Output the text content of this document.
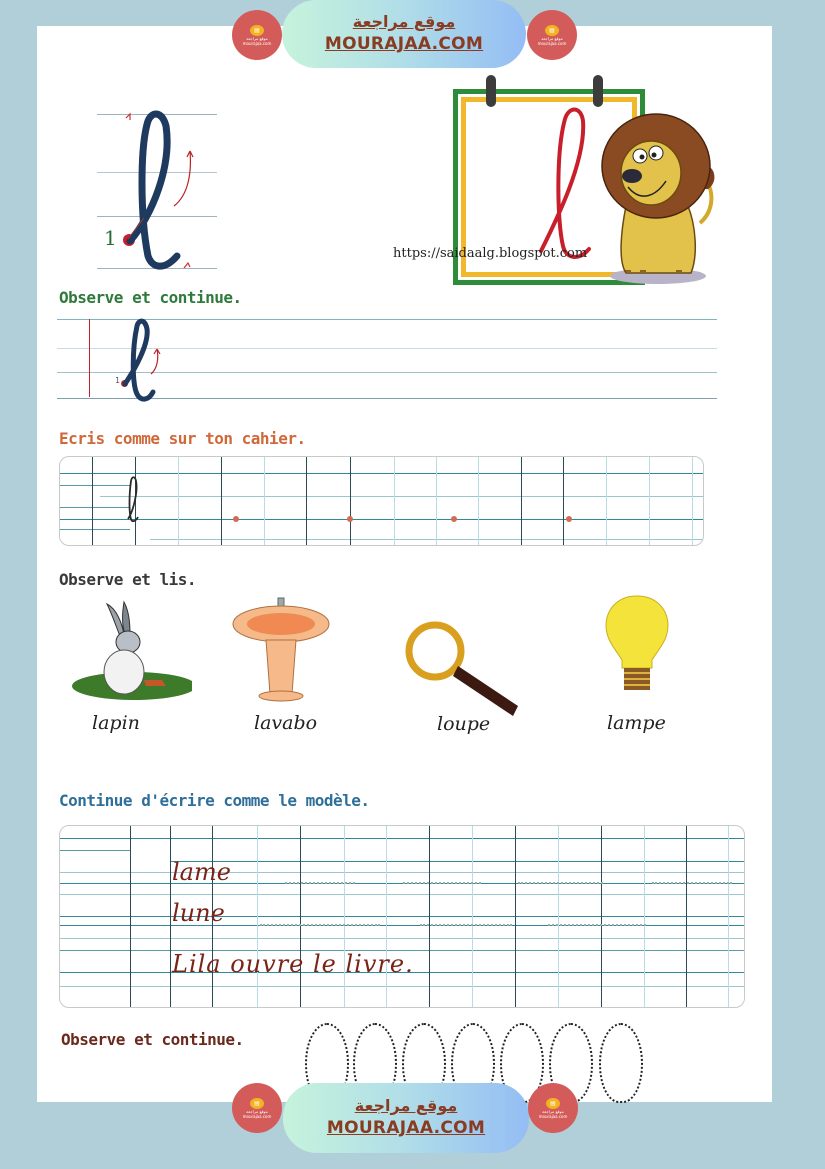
▤
موقع مراجعة
mourajaa.com
موقع مراجعة
MOURAJAA.COM
▤
موقع مراجعة
mourajaa.com
1
https://saidaalg.blogspot.com
Observe et continue.
1
Ecris comme sur ton cahier.
Observe et lis.
lapin	lavabo	loupe	lampe
Continue d'écrire comme le modèle.
lame
lune
Lila ouvre le livre.
Observe et continue.
▤
موقع مراجعة
mourajaa.com
موقع مراجعة
MOURAJAA.COM
▤
موقع مراجعة
mourajaa.com
